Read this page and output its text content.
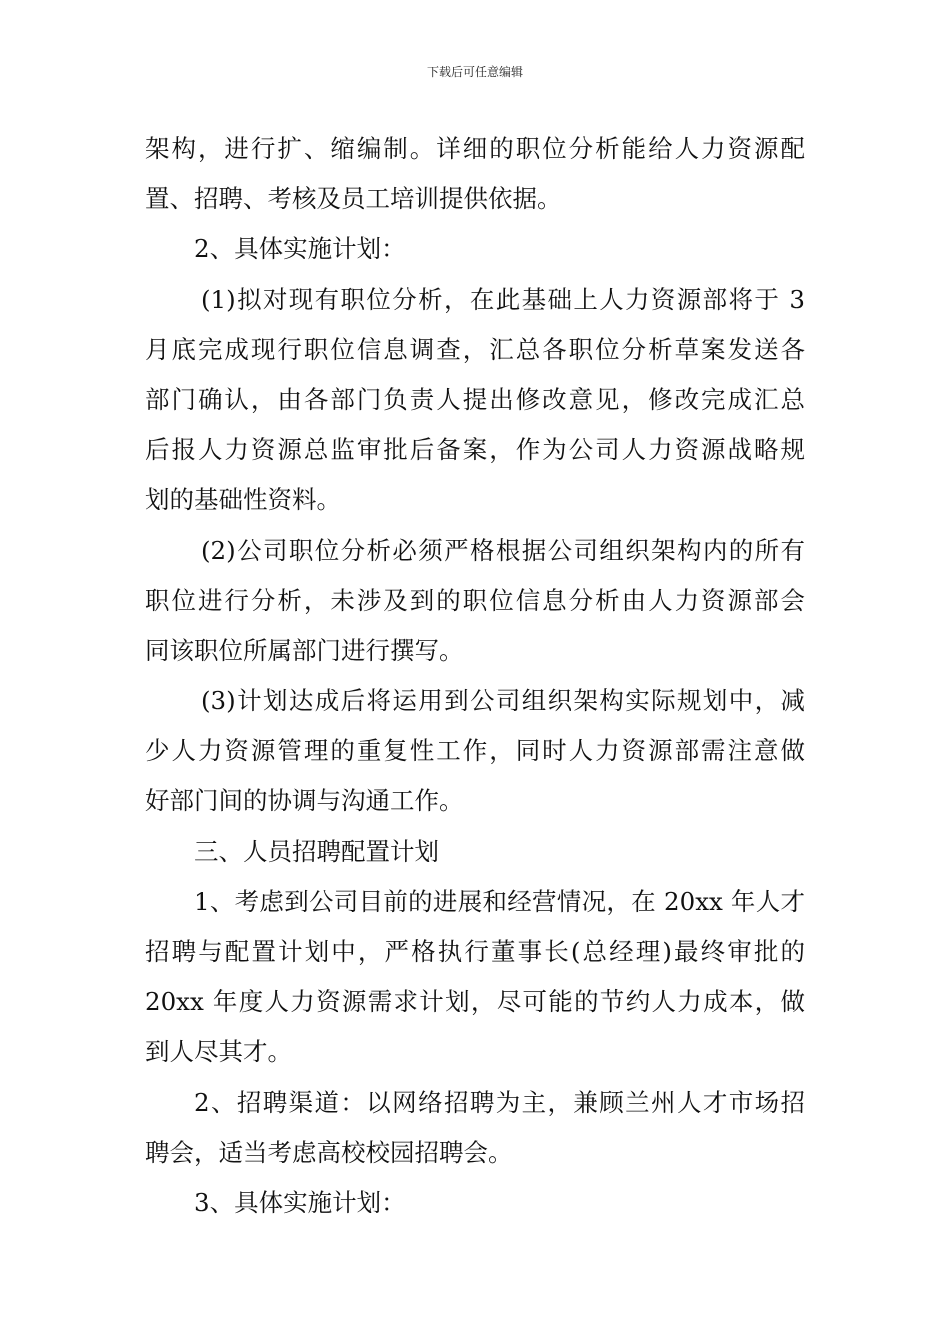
下载后可任意编辑
架构，进行扩、缩编制。详细的职位分析能给人力资源配
置、招聘、考核及员工培训提供依据。
2、具体实施计划：
(1)拟对现有职位分析，在此基础上人力资源部将于 3
月底完成现行职位信息调查，汇总各职位分析草案发送各
部门确认，由各部门负责人提出修改意见，修改完成汇总
后报人力资源总监审批后备案，作为公司人力资源战略规
划的基础性资料。
(2)公司职位分析必须严格根据公司组织架构内的所有
职位进行分析，未涉及到的职位信息分析由人力资源部会
同该职位所属部门进行撰写。
(3)计划达成后将运用到公司组织架构实际规划中，减
少人力资源管理的重复性工作，同时人力资源部需注意做
好部门间的协调与沟通工作。
三、人员招聘配置计划
1、考虑到公司目前的进展和经营情况，在 20xx 年人才
招聘与配置计划中，严格执行董事长(总经理)最终审批的
20xx 年度人力资源需求计划，尽可能的节约人力成本，做
到人尽其才。
2、招聘渠道：以网络招聘为主，兼顾兰州人才市场招
聘会，适当考虑高校校园招聘会。
3、具体实施计划：
